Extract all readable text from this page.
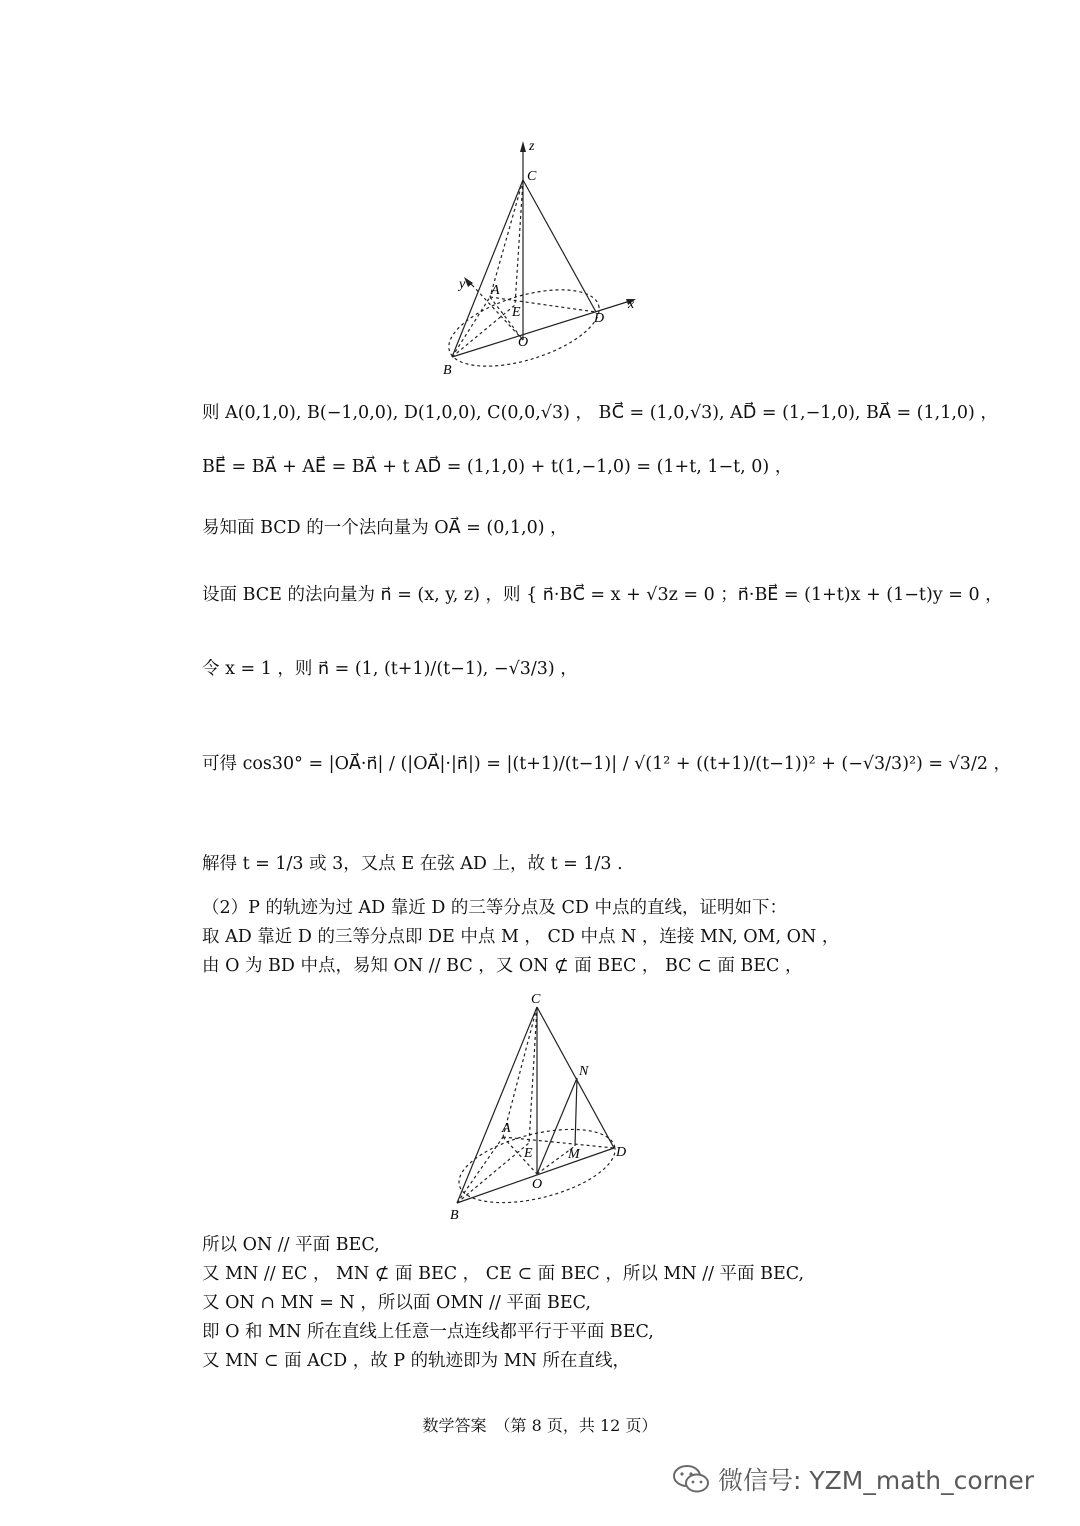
z
C
y A
E	D
x
O
B
则 A(0,1,0), B(−1,0,0), D(1,0,0), C(0,0,√3) ， BC⃗ = (1,0,√3), AD⃗ = (1,−1,0), BA⃗ = (1,1,0) ，
BE⃗ = BA⃗ + AE⃗ = BA⃗ + t AD⃗ = (1,1,0) + t(1,−1,0) = (1+t, 1−t, 0) ，
易知面 BCD 的一个法向量为 OA⃗ = (0,1,0) ，
设面 BCE 的法向量为 n⃗ = (x, y, z) ，则 { n⃗·BC⃗ = x + √3z = 0 ；n⃗·BE⃗ = (1+t)x + (1−t)y = 0 ，
令 x = 1 ，则 n⃗ = (1, (t+1)/(t−1), −√3/3) ，
可得 cos30° = |OA⃗·n⃗| / (|OA⃗|·|n⃗|) = |(t+1)/(t−1)| / √(1² + ((t+1)/(t−1))² + (−√3/3)²) = √3/2 ，
解得 t = 1/3 或 3，又点 E 在弦 AD 上，故 t = 1/3 .
（2）P 的轨迹为过 AD 靠近 D 的三等分点及 CD 中点的直线，证明如下：
取 AD 靠近 D 的三等分点即 DE 中点 M ， CD 中点 N ，连接 MN, OM, ON ，
由 O 为 BD 中点，易知 ON // BC ，又 ON ⊄ 面 BEC ， BC ⊂ 面 BEC ，
C
N
A
E	M	D
O
B
所以 ON // 平面 BEC,
又 MN // EC ， MN ⊄ 面 BEC ， CE ⊂ 面 BEC ，所以 MN // 平面 BEC,
又 ON ∩ MN = N ，所以面 OMN // 平面 BEC,
即 O 和 MN 所在直线上任意一点连线都平行于平面 BEC,
又 MN ⊂ 面 ACD ，故 P 的轨迹即为 MN 所在直线，
数学答案　（第 8 页，共 12 页）
微信号: YZM_math_corner
